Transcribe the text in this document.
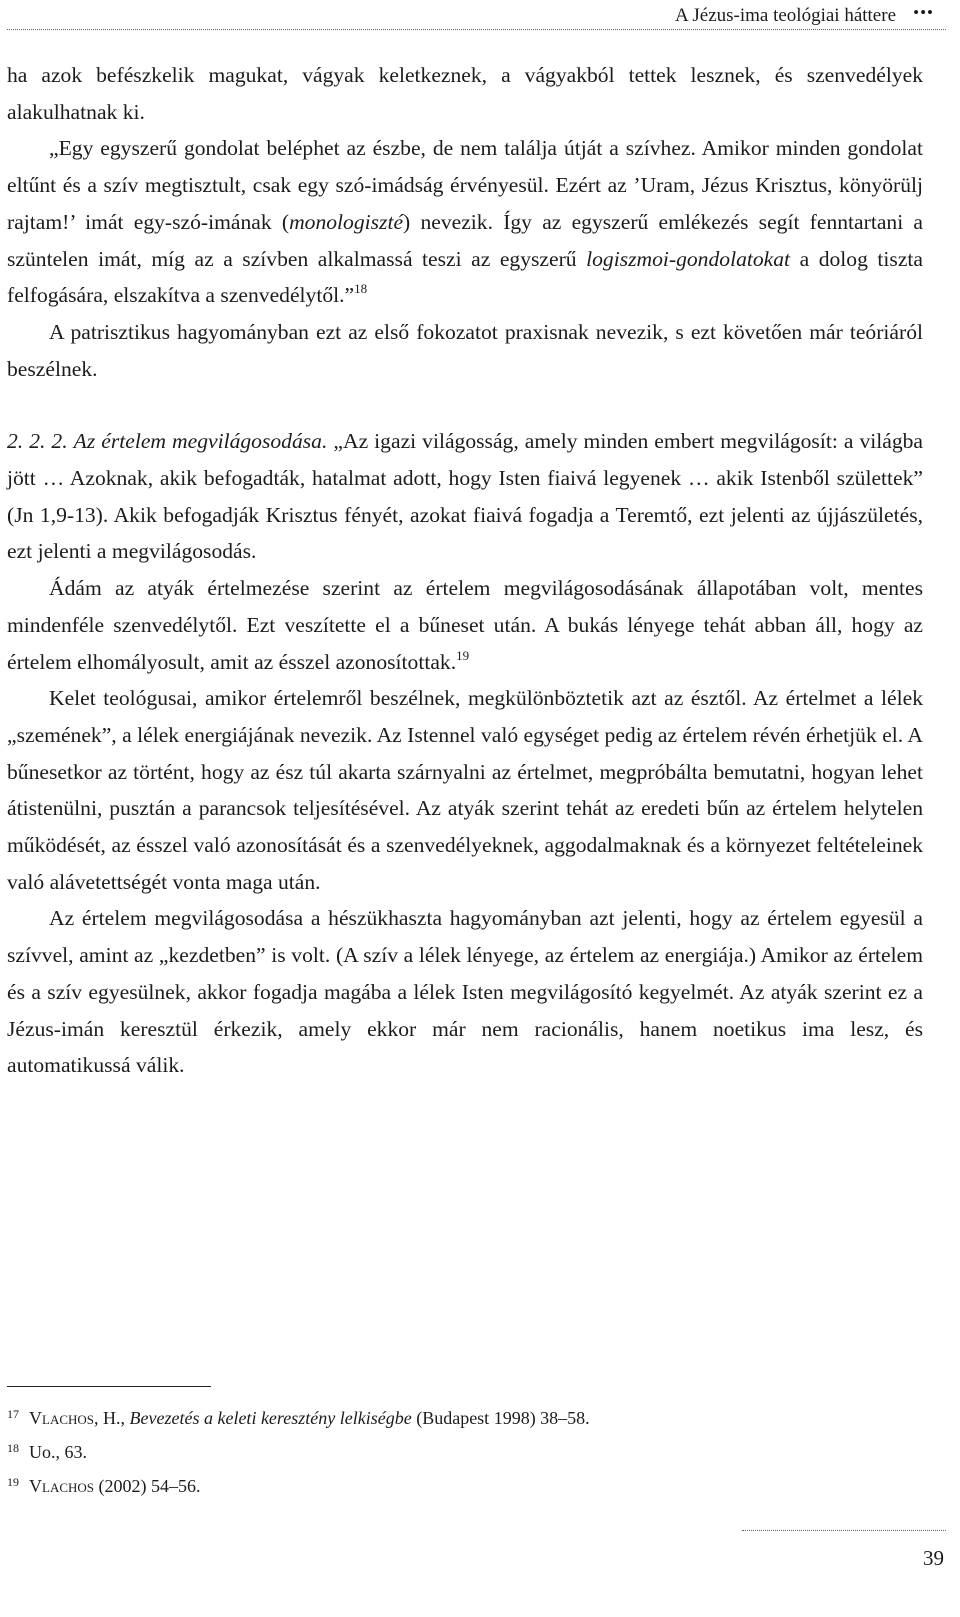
A Jézus-ima teológiai háttere •••

ha azok befészkelik magukat, vágyak keletkeznek, a vágyakból tettek lesznek, és szenvedélyek alakulhatnak ki.

„Egy egyszerű gondolat beléphet az észbe, de nem találja útját a szívhez. Amikor minden gondolat eltűnt és a szív megtisztult, csak egy szó-imádság érvényesül. Ezért az ’Uram, Jézus Krisztus, könyörülj rajtam!’ imát egy-szó-imának (monologiszté) nevezik. Így az egyszerű emlékezés segít fenntartani a szüntelen imát, míg az a szívben alkalmassá teszi az egyszerű logiszmoi-gondolatokat a dolog tiszta felfogására, elszakítva a szenvedélytől.”$^{18}$

A patrisztikus hagyományban ezt az első fokozatot praxisnak nevezik, s ezt követően már teóriáról beszélnek.

2. 2. 2. Az értelem megvilágosodása. „Az igazi világosság, amely minden embert megvilágosít: a világba jött … Azoknak, akik befogadták, hatalmat adott, hogy Isten fiaivá legyenek … akik Istenből születtek” (Jn 1,9-13). Akik befogadják Krisztus fényét, azokat fiaivá fogadja a Teremtő, ezt jelenti az újjászületés, ezt jelenti a megvilágosodás.

Ádám az atyák értelmezése szerint az értelem megvilágosodásának állapotában volt, mentes mindenféle szenvedélytől. Ezt veszítette el a bűneset után. A bukás lényege tehát abban áll, hogy az értelem elhomályosult, amit az ésszel azonosítottak.$^{19}$

Kelet teológusai, amikor értelemről beszélnek, megkülönböztetik azt az észtől. Az értelmet a lélek „szemének”, a lélek energiájának nevezik. Az Istennel való egységet pedig az értelem révén érhetjük el. A bűnesetkor az történt, hogy az ész túl akarta szárnyalni az értelmet, megpróbálta bemutatni, hogyan lehet átistenülni, pusztán a parancsok teljesítésével. Az atyák szerint tehát az eredeti bűn az értelem helytelen működését, az ésszel való azonosítását és a szenvedélyeknek, aggodalmaknak és a környezet feltételeinek való alávetettségét vonta maga után.

Az értelem megvilágosodása a hészükhaszta hagyományban azt jelenti, hogy az értelem egyesül a szívvel, amint az „kezdetben” is volt. (A szív a lélek lényege, az értelem az energiája.) Amikor az értelem és a szív egyesülnek, akkor fogadja magába a lélek Isten megvilágosító kegyelmét. Az atyák szerint ez a Jézus-imán keresztül érkezik, amely ekkor már nem racionális, hanem noetikus ima lesz, és automatikussá válik.

$^{17}$ Vlachos, H., Bevezetés a keleti keresztény lelkiségbe (Budapest 1998) 38–58.

$^{18}$ Uo., 63.

$^{19}$ Vlachos (2002) 54–56.

39
